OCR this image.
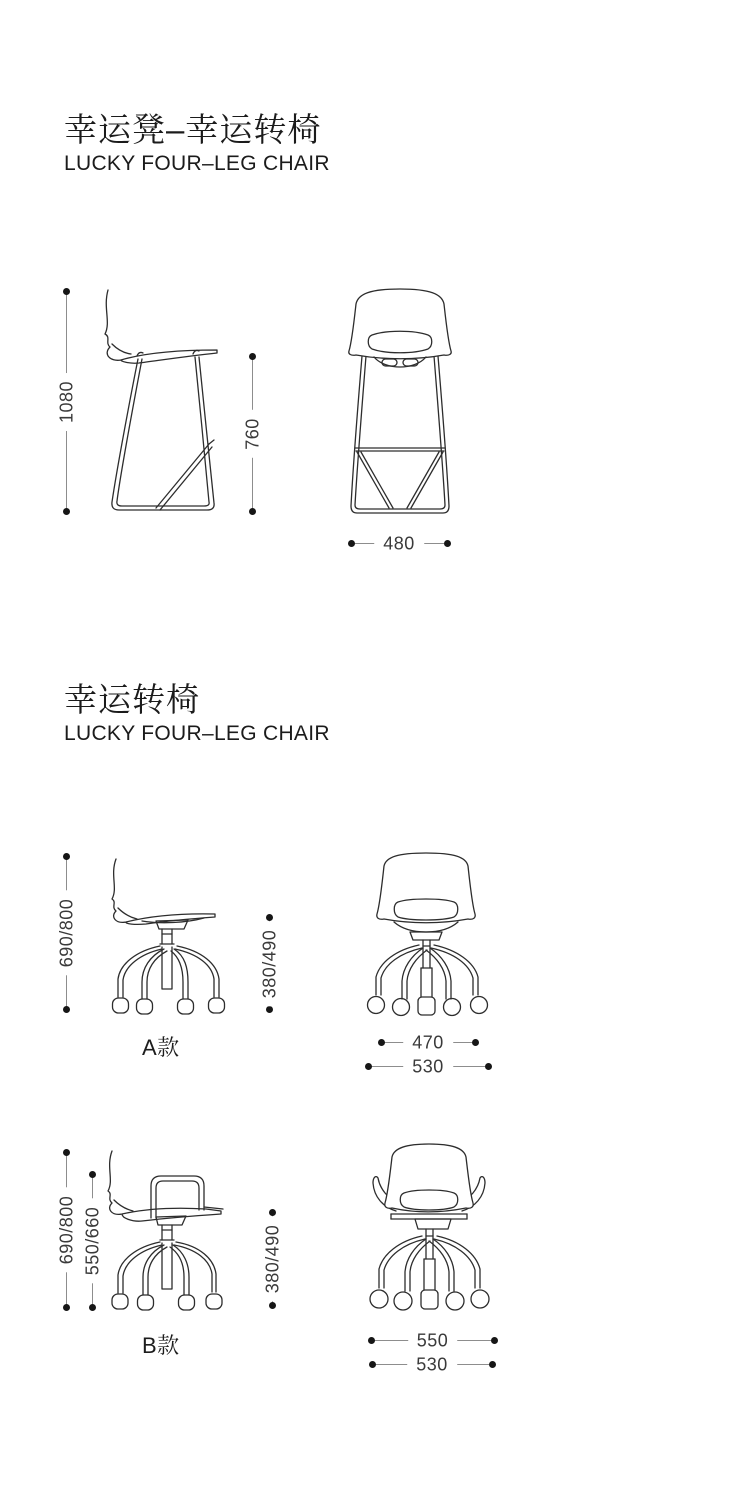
幸运凳–幸运转椅
LUCKY FOUR–LEG CHAIR
1080
760
480
幸运转椅
LUCKY FOUR–LEG CHAIR
690/800	380/490
470
530
A款
690/800 550/660	380/490
550
530
B款
